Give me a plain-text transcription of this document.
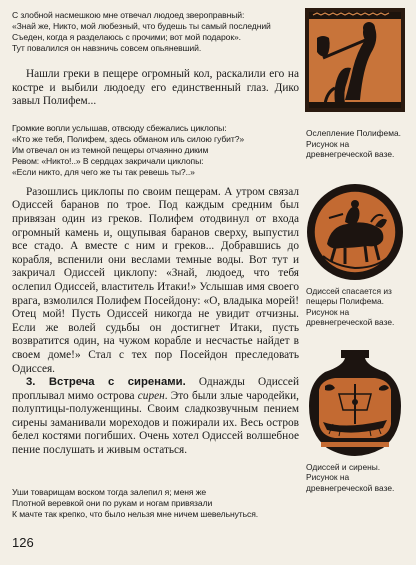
С злобной насмешкою мне отвечал людоед звероправный:
«Знай же, Никто, мой любезный, что будешь ты самый последний
Съеден, когда я разделаюсь с прочими; вот мой подарок».
Тут повалился он навзничь совсем опьяневший.

Нашли греки в пещере огромный кол, раскалили его на костре и выбили людоеду его единственный глаз. Дико завыл Полифем...

Громкие вопли услышав, отвсюду сбежались циклопы:
«Кто же тебя, Полифем, здесь обманом иль силою губит?»
Им отвечал он из темной пещеры отчаянно диким
Ревом: «Никто!..» В сердцах закричали циклопы:
«Если никто, для чего же ты так ревешь ты?..»

Разошлись циклопы по своим пещерам. А утром связал Одиссей баранов по трое. Под каждым средним был привязан один из греков. Полифем отодвинул от входа огромный камень и, ощупывая баранов сверху, выпустил все стадо. А вместе с ним и греков... Добравшись до корабля, вспенили они веслами темные воды. Вот тут и закричал Одиссей циклопу: «Знай, людоед, что тебя ослепил Одиссей, властитель Итаки!» Услышав имя своего врага, взмолился Полифем Посейдону: «О, владыка морей! Отец мой! Пусть Одиссей никогда не увидит отчизны. Если же волей судьбы он достигнет Итаки, пусть возвратится один, на чужом корабле и несчастье найдет в своем доме!» Стал с тех пор Посейдон преследовать Одиссея.

3. Встреча с сиренами. Однажды Одиссей проплывал мимо острова сирен. Это были злые чародейки, полуптицы-полуженщины. Своим сладкозвучным пением сирены заманивали мореходов и пожирали их. Весь остров белел костями погибших. Очень хотел Одиссей волшебное пение послушать и живым остаться.

Уши товарищам воском тогда залепил я; меня же
Плотной веревкой они по рукам и ногам привязали
К мачте так крепко, что было нельзя мне ничем шевельнуться.
126

Ослепление Полифема. Рисунок на древнегреческой вазе.

Одиссей спасается из пещеры Полифема. Рисунок на древнегреческой вазе.

Одиссей и сирены. Рисунок на древнегреческой вазе.
